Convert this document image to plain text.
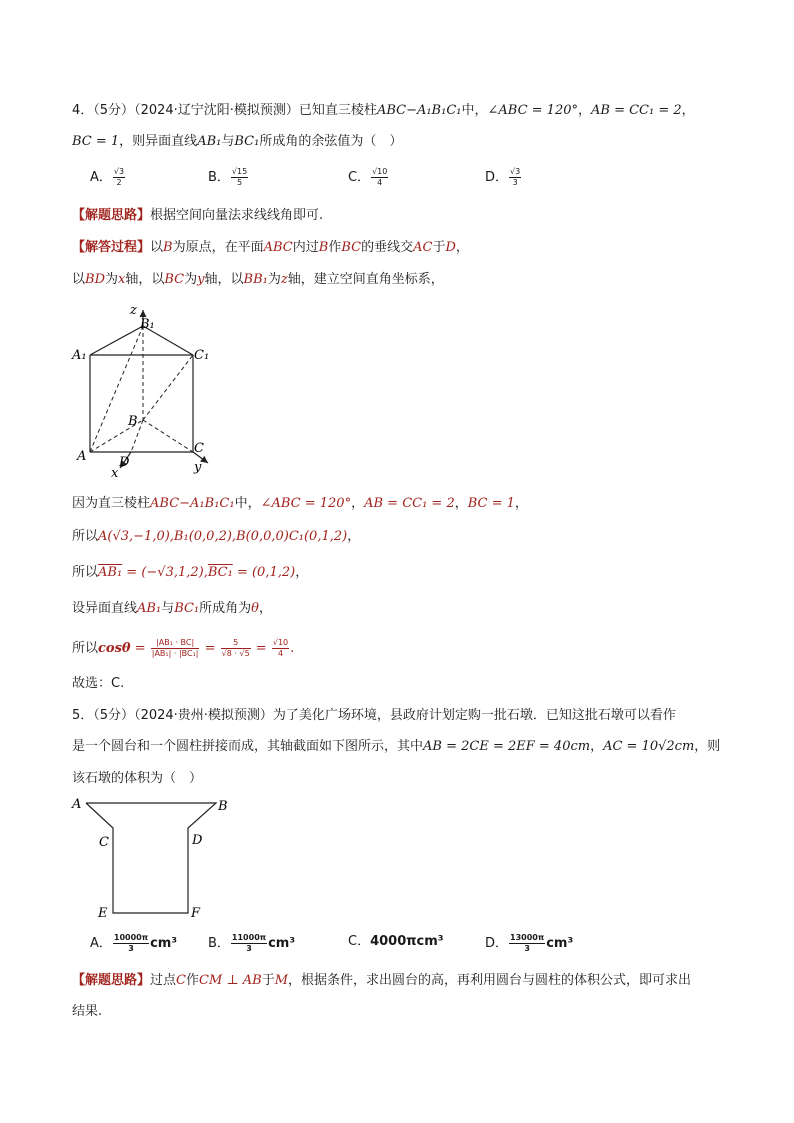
4．（5分）（2024·辽宁沈阳·模拟预测）已知直三棱柱ABC−A₁B₁C₁中，∠ABC = 120°，AB = CC₁ = 2，
BC = 1，则异面直线AB₁与BC₁所成角的余弦值为（　）
A． $\frac{√3}{2}$	B． $\frac{√15}{5}$	C． $\frac{√10}{4}$	D． $\frac{√3}{3}$
【解题思路】根据空间向量法求线线角即可.
【解答过程】以B为原点，在平面ABC内过B作BC的垂线交AC于D，
以BD为x轴，以BC为y轴，以BB₁为z轴，建立空间直角坐标系，
z
B₁
A₁	C₁
B
A	D
C
x	y
因为直三棱柱ABC−A₁B₁C₁中，∠ABC = 120°，AB = CC₁ = 2，BC = 1，
所以A(√3,−1,0),B₁(0,0,2),B(0,0,0)C₁(0,1,2)，
所以AB₁ = (−√3,1,2),BC₁ = (0,1,2)，
设异面直线AB₁与BC₁所成角为θ，
所以$\cos\theta = \frac{\text{|AB₁ · BC|}}{\text{|AB₁| · |BC₁|}} = \frac{5}{√8 \cdot √5} = \frac{√10}{4}$ .
故选：C.
5．（5分）（2024·贵州·模拟预测）为了美化广场环境，县政府计划定购一批石墩．已知这批石墩可以看作
是一个圆台和一个圆柱拼接而成，其轴截面如下图所示，其中AB = 2CE = 2EF = 40cm，AC = 10√2cm，则
该石墩的体积为（　）
A	B
C	D
E	F
A． $\frac{10000\pi}{3} cm^3$ B． $\frac{11000\pi}{3} cm^3$	C．4000πcm³	D． $\frac{13000\pi}{3} cm^3$
【解题思路】过点C作CM ⊥ AB于M，根据条件，求出圆台的高，再利用圆台与圆柱的体积公式，即可求出
结果.
